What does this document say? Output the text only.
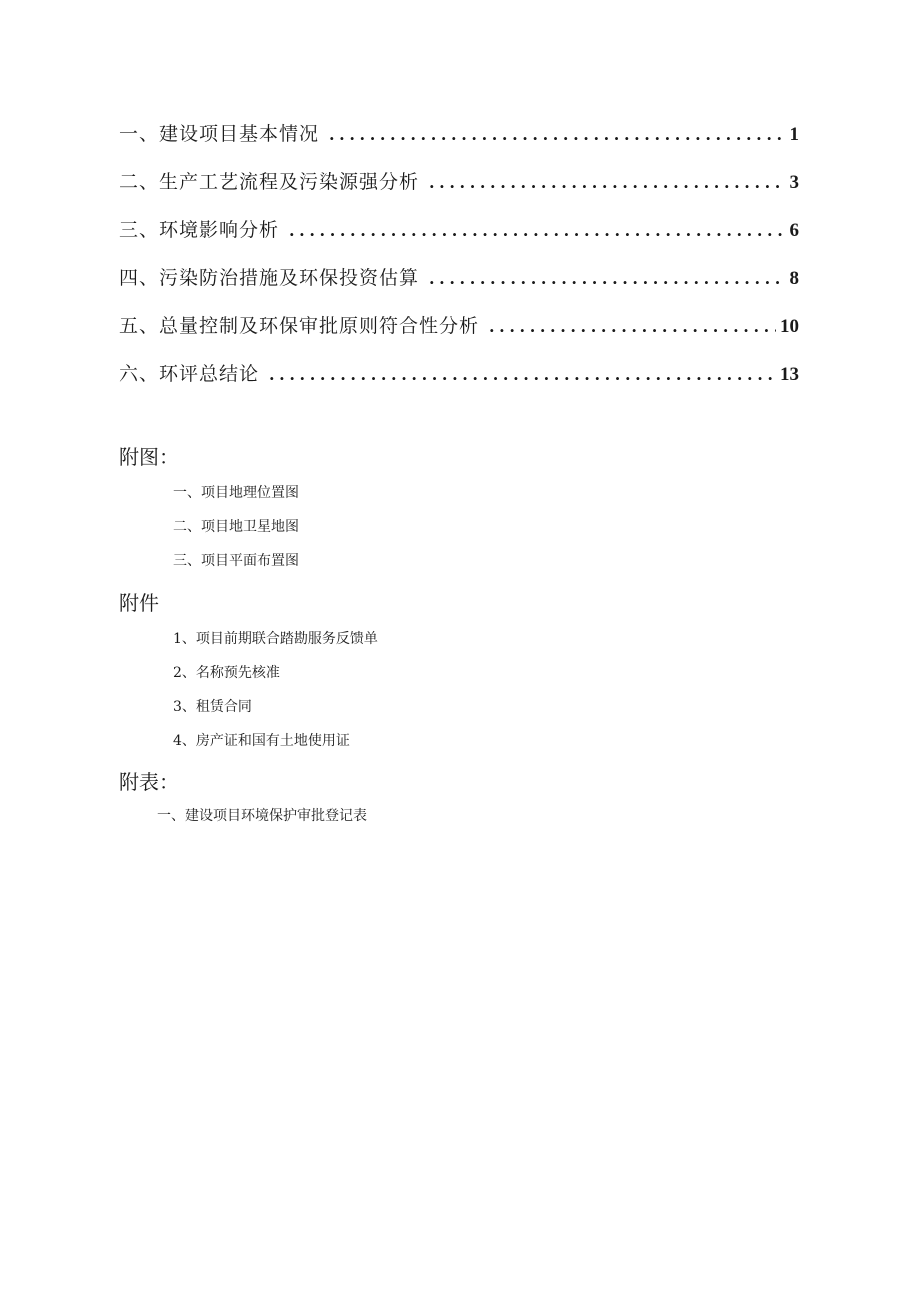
一、建设项目基本情况 .....	1
二、生产工艺流程及污染源强分析 .....	3
三、环境影响分析 .....	6
四、污染防治措施及环保投资估算 .....	8
五、总量控制及环保审批原则符合性分析 .....	10
六、环评总结论 .....	13
附图：
一、项目地理位置图
二、项目地卫星地图
三、项目平面布置图
附件
1、项目前期联合踏勘服务反馈单
2、名称预先核准
3、租赁合同
4、房产证和国有土地使用证
附表：
一、建设项目环境保护审批登记表
